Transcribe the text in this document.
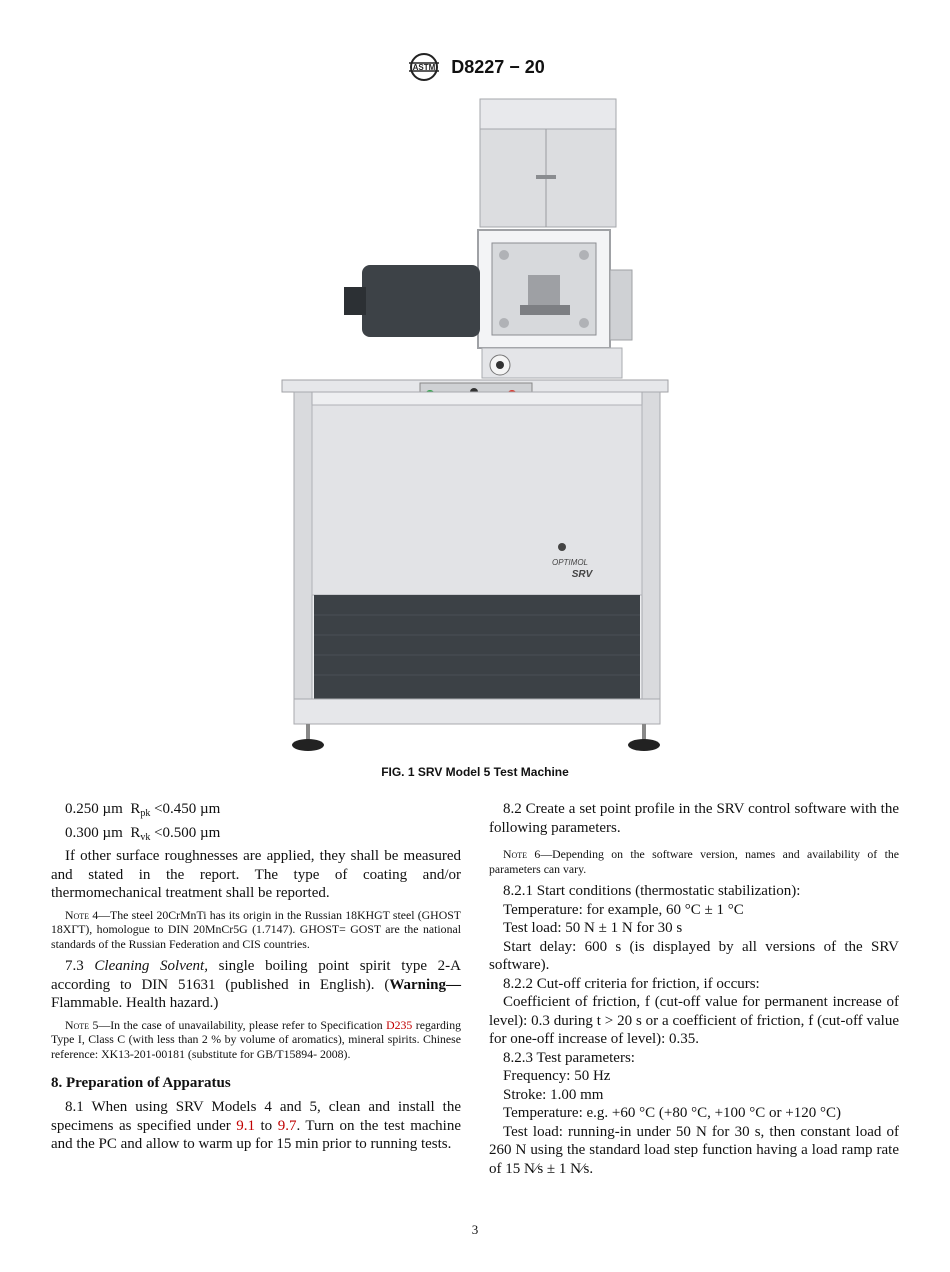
ASTM D8227 − 20
OPTIMOL
SRV
FIG. 1 SRV Model 5 Test Machine

0.250 µm $R_{pk} <0.450$ µm

0.300 µm $R_{vk} <0.500$ µm

If other surface roughnesses are applied, they shall be measured and stated in the report. The type of coating and/or thermomechanical treatment shall be reported.

Note 4—The steel 20CrMnTi has its origin in the Russian 18KHGT steel (GHOST 18XГТ), homologue to DIN 20MnCr5G (1.7147). GHOST= GOST are the national standards of the Russian Federation and CIS countries.

7.3 Cleaning Solvent, single boiling point spirit type 2-A according to DIN 51631 (published in English). (Warning— Flammable. Health hazard.)

Note 5—In the case of unavailability, please refer to Specification D235 regarding Type I, Class C (with less than 2 % by volume of aromatics), mineral spirits. Chinese reference: XK13-201-00181 (substitute for GB/T15894- 2008).

8. Preparation of Apparatus

8.1 When using SRV Models 4 and 5, clean and install the specimens as specified under 9.1 to 9.7. Turn on the test machine and the PC and allow to warm up for 15 min prior to running tests.

8.2 Create a set point profile in the SRV control software with the following parameters.

Note 6—Depending on the software version, names and availability of the parameters can vary.

8.2.1 Start conditions (thermostatic stabilization):

Temperature: for example, 60 °C ± 1 °C

Test load: 50 N ± 1 N for 30 s

Start delay: 600 s (is displayed by all versions of the SRV software).

8.2.2 Cut-off criteria for friction, if occurs:

Coefficient of friction, f (cut-off value for permanent increase of level): 0.3 during t > 20 s or a coefficient of friction, f (cut-off value for one-off increase of level): 0.35.

8.2.3 Test parameters:

Frequency: 50 Hz

Stroke: 1.00 mm

Temperature: e.g. +60 °C (+80 °C, +100 °C or +120 °C)

Test load: running-in under 50 N for 30 s, then constant load of 260 N using the standard load step function having a load ramp rate of 15 N⁄s ± 1 N⁄s.

3
